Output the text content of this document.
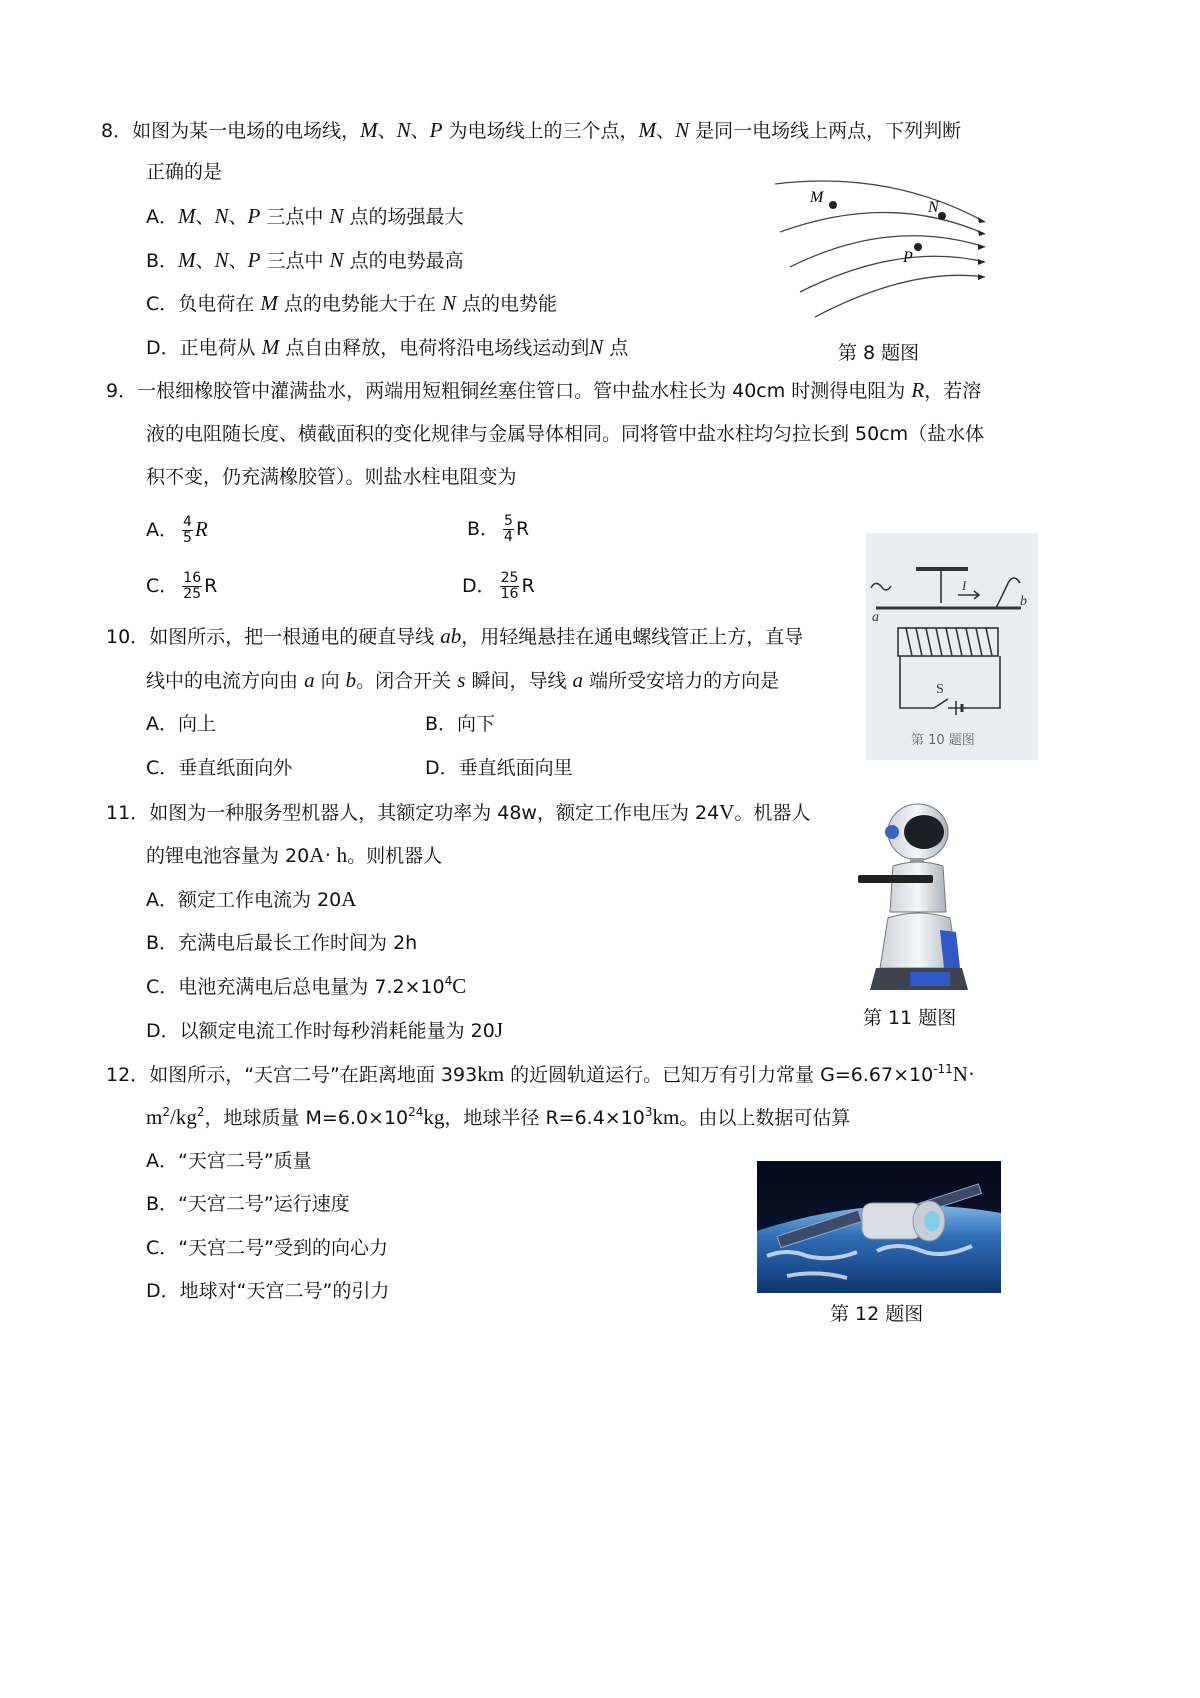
8．如图为某一电场的电场线，M、N、P 为电场线上的三个点，M、N 是同一电场线上两点，下列判断
正确的是
A．M、N、P 三点中 N 点的场强最大
B．M、N、P 三点中 N 点的电势最高
C．负电荷在 M 点的电势能大于在 N 点的电势能
D．正电荷从 M 点自由释放，电荷将沿电场线运动到N 点
M
N
P
第 8 题图
9．一根细橡胶管中灌满盐水，两端用短粗铜丝塞住管口。管中盐水柱长为 40cm 时测得电阻为 R，若溶
液的电阻随长度、横截面积的变化规律与金属导体相同。同将管中盐水柱均匀拉长到 50cm（盐水体
积不变，仍充满橡胶管）。则盐水柱电阻变为
A． $\frac{4}{5}$ R	B． $\frac{5}{4}$ R
C． $\frac{16}{25}$ R	D． $\frac{25}{16}$ R
a
b
I
S
第 10 题图
10．如图所示，把一根通电的硬直导线 ab，用轻绳悬挂在通电螺线管正上方，直导
线中的电流方向由 a 向 b。闭合开关 s 瞬间，导线 a 端所受安培力的方向是
A．向上	B．向下
C．垂直纸面向外	D．垂直纸面向里
11．如图为一种服务型机器人，其额定功率为 48w，额定工作电压为 24V。机器人
的锂电池容量为 20A· h。则机器人
A．额定工作电流为 20A
B．充满电后最长工作时间为 2h
C．电池充满电后总电量为 $7.2\times 10^4C$
D．以额定电流工作时每秒消耗能量为 20J	第 11 题图
12．如图所示，“天宫二号”在距离地面 393km 的近圆轨道运行。已知万有引力常量 $G=6.67\times 10^{-11}N\cdot$
$m^2/kg^2$，地球质量 $M=6.0\times 10^{24}kg$，地球半径 $R=6.4\times 10^3km$。由以上数据可估算
A．“天宫二号”质量
B．“天宫二号”运行速度
C．“天宫二号”受到的向心力
D．地球对“天宫二号”的引力
第 12 题图
